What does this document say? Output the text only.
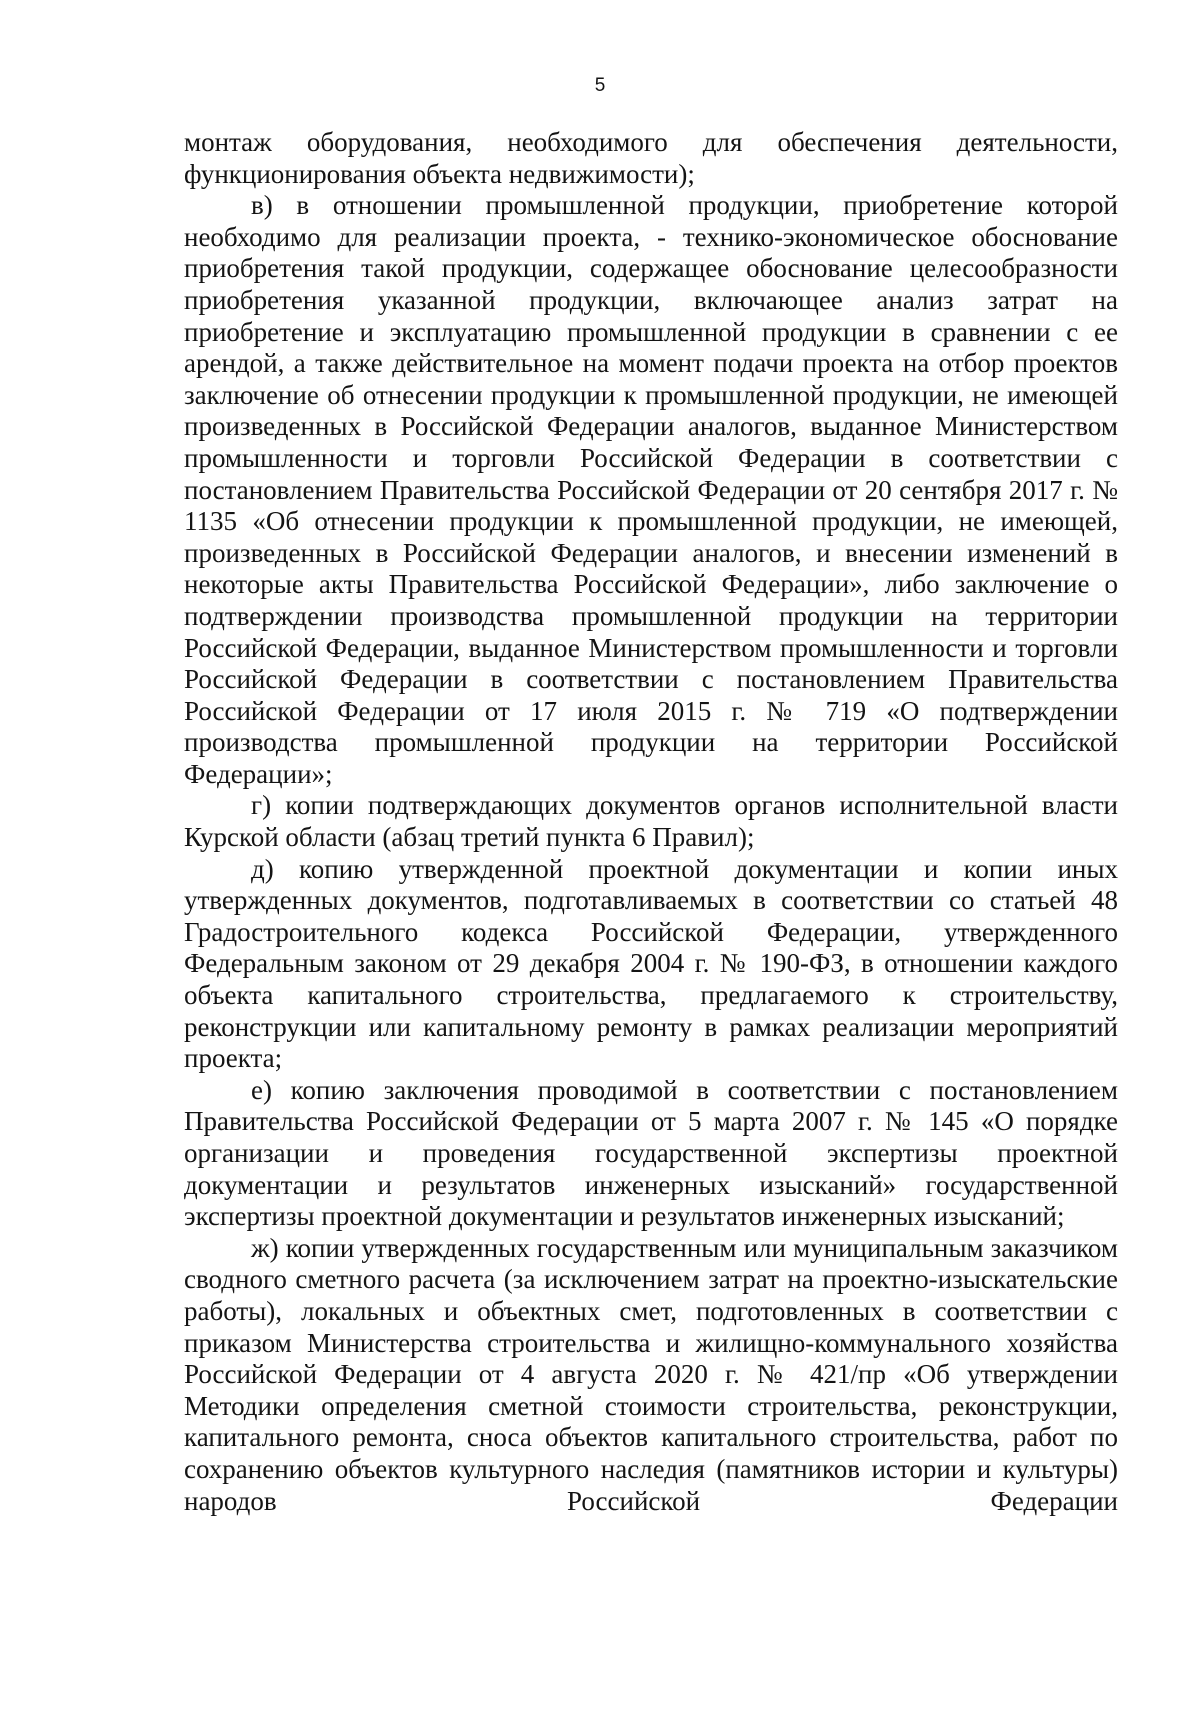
5

монтаж оборудования, необходимого для обеспечения деятельности, функционирования объекта недвижимости);

в) в отношении промышленной продукции, приобретение которой необходимо для реализации проекта, - технико-экономическое обоснование приобретения такой продукции, содержащее обоснование целесообразности приобретения указанной продукции, включающее анализ затрат на приобретение и эксплуатацию промышленной продукции в сравнении с ее арендой, а также действительное на момент подачи проекта на отбор проектов заключение об отнесении продукции к промышленной продукции, не имеющей произведенных в Российской Федерации аналогов, выданное Министерством промышленности и торговли Российской Федерации в соответствии с постановлением Правительства Российской Федерации от 20 сентября 2017 г. № 1135 «Об отнесении продукции к промышленной продукции, не имеющей, произведенных в Российской Федерации аналогов, и внесении изменений в некоторые акты Правительства Российской Федерации», либо заключение о подтверждении производства промышленной продукции на территории Российской Федерации, выданное Министерством промышленности и торговли Российской Федерации в соответствии с постановлением Правительства Российской Федерации от 17 июля 2015 г. № 719 «О подтверждении производства промышленной продукции на территории Российской Федерации»;

г) копии подтверждающих документов органов исполнительной власти Курской области (абзац третий пункта 6 Правил);

д) копию утвержденной проектной документации и копии иных утвержденных документов, подготавливаемых в соответствии со статьей 48 Градостроительного кодекса Российской Федерации, утвержденного Федеральным законом от 29 декабря 2004 г. № 190-ФЗ, в отношении каждого объекта капитального строительства, предлагаемого к строительству, реконструкции или капитальному ремонту в рамках реализации мероприятий проекта;

е) копию заключения проводимой в соответствии с постановлением Правительства Российской Федерации от 5 марта 2007 г. № 145 «О порядке организации и проведения государственной экспертизы проектной документации и результатов инженерных изысканий» государственной экспертизы проектной документации и результатов инженерных изысканий;

ж) копии утвержденных государственным или муниципальным заказчиком сводного сметного расчета (за исключением затрат на проектно-изыскательские работы), локальных и объектных смет, подготовленных в соответствии с приказом Министерства строительства и жилищно-коммунального хозяйства Российской Федерации от 4 августа 2020 г. № 421/пр «Об утверждении Методики определения сметной стоимости строительства, реконструкции, капитального ремонта, сноса объектов капитального строительства, работ по сохранению объектов культурного наследия (памятников истории и культуры) народов Российской Федерации
